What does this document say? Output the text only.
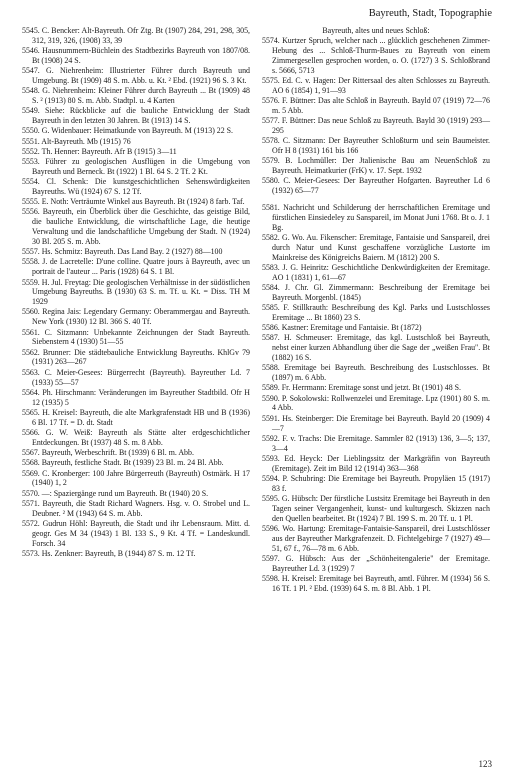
Bayreuth, Stadt, Topographie

5545. C. Bencker: Alt-Bayreuth. Ofr Ztg. Bt (1907) 284, 291, 298, 305, 312, 319, 326, (1908) 33, 39

5546. Hausnummern-Büchlein des Stadtbezirks Bayreuth von 1807/08. Bt (1908) 24 S.

5547. G. Niehrenheim: Illustrierter Führer durch Bayreuth und Umgebung. Bt (1909) 48 S. m. Abb. u. Kt. ² Ebd. (1921) 96 S. 3 Kt.

5548. G. Niehrenheim: Kleiner Führer durch Bayreuth ... Bt (1909) 48 S. ² (1913) 80 S. m. Abb. Stadtpl. u. 4 Karten

5549. Siehe: Rückblicke auf die bauliche Entwicklung der Stadt Bayreuth in den letzten 30 Jahren. Bt (1913) 14 S.

5550. G. Widenbauer: Heimatkunde von Bayreuth. M (1913) 22 S.

5551. Alt-Bayreuth. Mb (1915) 76

5552. Th. Henner: Bayreuth. Afr B (1915) 3—11

5553. Führer zu geologischen Ausflügen in die Umgebung von Bayreuth und Berneck. Bt (1922) 1 Bl. 64 S. 2 Tf. 2 Kt.

5554. Cl. Schenk: Die kunstgeschichtlichen Sehenswürdigkeiten Bayreuths. Wü (1924) 67 S. 12 Tf.

5555. E. Noth: Verträumte Winkel aus Bayreuth. Bt (1924) 8 farb. Taf.

5556. Bayreuth, ein Überblick über die Geschichte, das geistige Bild, die bauliche Entwicklung, die wirtschaftliche Lage, die heutige Verwaltung und die landschaftliche Umgebung der Stadt. N (1924) 30 Bl. 205 S. m. Abb.

5557. Hs. Schmitz: Bayreuth. Das Land Bay. 2 (1927) 88—100

5558. J. de Lacretelle: D'une colline. Quatre jours à Bayreuth, avec un portrait de l'auteur ... Paris (1928) 64 S. 1 Bl.

5559. H. Jul. Freytag: Die geologischen Verhältnisse in der südöstlichen Umgebung Bayreuths. B (1930) 63 S. m. Tf. u. Kt. = Diss. TH M 1929

5560. Regina Jais: Legendary Germany: Oberammergau and Bayreuth. New York (1930) 12 Bl. 366 S. 40 Tf.

5561. C. Sitzmann: Unbekannte Zeichnungen der Stadt Bayreuth. Siebenstern 4 (1930) 51—55

5562. Brunner: Die städtebauliche Entwicklung Bayreuths. KhlGv 79 (1931) 263—267

5563. C. Meier-Gesees: Bürgerrecht (Bayreuth). Bayreuther Ld. 7 (1933) 55—57

5564. Ph. Hirschmann: Veränderungen im Bayreuther Stadtbild. Ofr H 12 (1935) 5

5565. H. Kreisel: Bayreuth, die alte Markgrafenstadt HB und B (1936) 6 Bl. 17 Tf. = D. dt. Stadt

5566. G. W. Weiß: Bayreuth als Stätte alter erdgeschichtlicher Entdeckungen. Bt (1937) 48 S. m. 8 Abb.

5567. Bayreuth, Werbeschrift. Bt (1939) 6 Bl. m. Abb.

5568. Bayreuth, festliche Stadt. Bt (1939) 23 Bl. m. 24 Bl. Abb.

5569. C. Kronberger: 100 Jahre Bürgerreuth (Bayreuth) Ostmärk. H 17 (1940) 1, 2

5570. —: Spaziergänge rund um Bayreuth. Bt (1940) 20 S.

5571. Bayreuth, die Stadt Richard Wagners. Hsg. v. O. Strobel und L. Deubner. ² M (1943) 64 S. m. Abb.

5572. Gudrun Höhl: Bayreuth, die Stadt und ihr Lebensraum. Mitt. d. geogr. Ges M 34 (1943) 1 Bl. 133 S., 9 Kt. 4 Tf. = Landeskundl. Forsch. 34

5573. Hs. Zenkner: Bayreuth, B (1944) 87 S. m. 12 Tf.

Bayreuth, altes und neues Schloß:

5574. Kurtzer Spruch, welcher nach ... glücklich geschehenen Zimmer-Hebung des ... Schloß-Thurm-Baues zu Bayreuth von einem Zimmergesellen gesprochen worden, o. O. (1727) 3 S. Schloßbrand s. 5666, 5713

5575. Ed. C. v. Hagen: Der Rittersaal des alten Schlosses zu Bayreuth. AO 6 (1854) 1, 91—93

5576. F. Büttner: Das alte Schloß in Bayreuth. Bayld 07 (1919) 72—76 m. 5 Abb.

5577. F. Büttner: Das neue Schloß zu Bayreuth. Bayld 30 (1919) 293—295

5578. C. Sitzmann: Der Bayreuther Schloßturm und sein Baumeister. Ofr H 8 (1931) 161 bis 166

5579. B. Lochmüller: Der Jtalienische Bau am NeuenSchloß zu Bayreuth. Heimatkurier (FrK) v. 17. Sept. 1932

5580. C. Meier-Gesees: Der Bayreuther Hofgarten. Bayreuther Ld 6 (1932) 65—77

5581. Nachricht und Schilderung der herrschaftlichen Eremitage und fürstlichen Einsiedeley zu Sanspareil, im Monat Juni 1768. Bt o. J. 1 Bg.

5582. G. Wo. Au. Fikenscher: Eremitage, Fantaisie und Sanspareil, drei durch Natur und Kunst geschaffene vorzügliche Lustorte im Mainkreise des Königreichs Baiern. M (1812) 200 S.

5583. J. G. Heinritz: Geschichtliche Denkwürdigkeiten der Eremitage. AO 1 (1831) 1, 61—67

5584. J. Chr. Gl. Zimmermann: Beschreibung der Eremitage bei Bayreuth. Morgenbl. (1845)

5585. F. Stillkrauth: Beschreibung des Kgl. Parks und Lustschlosses Eremitage ... Bt 1860) 23 S.

5586. Kastner: Eremitage und Fantaisie. Bt (1872)

5587. H. Schmeuser: Eremitage, das kgl. Lustschloß bei Bayreuth, nebst einer kurzen Abhandlung über die Sage der „weißen Frau". Bt (1882) 16 S.

5588. Eremitage bei Bayreuth. Beschreibung des Lustschlosses. Bt (1897) m. 6 Abb.

5589. Fr. Herrmann: Eremitage sonst und jetzt. Bt (1901) 48 S.

5590. P. Sokolowski: Rollwenzelei und Eremitage. Lpz (1901) 80 S. m. 4 Abb.

5591. Hs. Steinberger: Die Eremitage bei Bayreuth. Bayld 20 (1909) 4—7

5592. F. v. Trachs: Die Eremitage. Sammler 82 (1913) 136, 3—5; 137, 3—4

5593. Ed. Heyck: Der Lieblingssitz der Markgräfin von Bayreuth (Eremitage). Zeit im Bild 12 (1914) 363—368

5594. P. Schubring: Die Eremitage bei Bayreuth. Propyläen 15 (1917) 83 f.

5595. G. Hübsch: Der fürstliche Lustsitz Eremitage bei Bayreuth in den Tagen seiner Vergangenheit, kunst- und kulturgesch. Skizzen nach den Quellen bearbeitet. Bt (1924) 7 Bl. 199 S. m. 20 Tf. u. 1 Pl.

5596. Wo. Hartung: Eremitage-Fantaisie-Sanspareil, drei Lustschlösser aus der Bayreuther Markgrafenzeit. D. Fichtelgebirge 7 (1927) 49—51, 67 f., 76—78 m. 6 Abb.

5597. G. Hübsch: Aus der „Schönheitengalerie" der Eremitage. Bayreuther Ld. 3 (1929) 7

5598. H. Kreisel: Eremitage bei Bayreuth, amtl. Führer. M (1934) 56 S. 16 Tf. 1 Pl. ² Ebd. (1939) 64 S. m. 8 Bl. Abb. 1 Pl.

123
